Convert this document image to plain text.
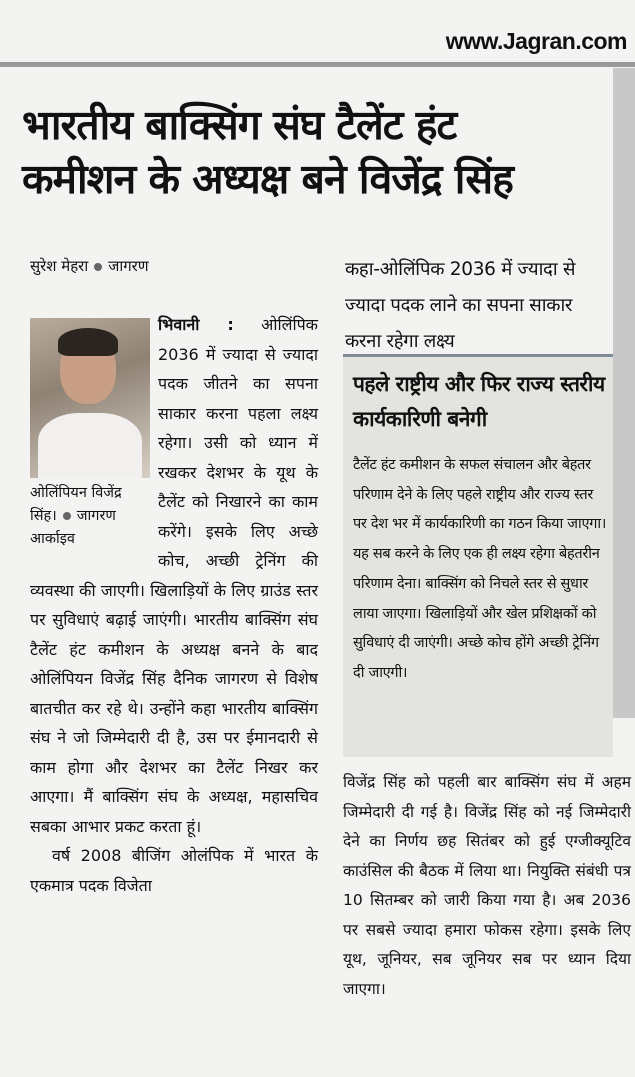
www.Jagran.com
भारतीय बाक्सिंग संघ टैलेंट हंट
कमीशन के अध्यक्ष बने विजेंद्र सिंह
सुरेश मेहरा जागरण

भिवानी :
ओलिंपियन विजेंद्र सिंह। जागरण आर्काइव
ओलिंपिक 2036 में ज्यादा से ज्यादा पदक जीतने का सपना साकार करना पहला लक्ष्य रहेगा। उसी को ध्यान में रखकर देशभर के यूथ के टैलेंट को निखारने का काम करेंगे। इसके लिए अच्छे कोच, अच्छी ट्रेनिंग की व्यवस्था की जाएगी। खिलाड़ियों के लिए ग्राउंड स्तर पर सुविधाएं बढ़ाई जाएंगी। भारतीय बाक्सिंग संघ टैलेंट हंट कमीशन के अध्यक्ष बनने के बाद ओलिंपियन विजेंद्र सिंह दैनिक जागरण से विशेष बातचीत कर रहे थे। उन्होंने कहा भारतीय बाक्सिंग संघ ने जो जिम्मेदारी दी है, उस पर ईमानदारी से काम होगा और देशभर का टैलेंट निखर कर आएगा। मैं बाक्सिंग संघ के अध्यक्ष, महासचिव सबका आभार प्रकट करता हूं।

वर्ष 2008 बीजिंग ओलंपिक में भारत के एकमात्र पदक विजेता

कहा-ओलिंपिक 2036 में ज्यादा से ज्यादा पदक लाने का सपना साकार करना रहेगा लक्ष्य
पहले राष्ट्रीय और फिर राज्य स्तरीय कार्यकारिणी बनेगी
टैलेंट हंट कमीशन के सफल संचालन और बेहतर परिणाम देने के लिए पहले राष्ट्रीय और राज्य स्तर पर देश भर में कार्यकारिणी का गठन किया जाएगा। यह सब करने के लिए एक ही लक्ष्य रहेगा बेहतरीन परिणाम देना। बाक्सिंग को निचले स्तर से सुधार लाया जाएगा। खिलाड़ियों और खेल प्रशिक्षकों को सुविधाएं दी जाएंगी। अच्छे कोच होंगे अच्छी ट्रेनिंग दी जाएगी।
विजेंद्र सिंह को पहली बार बाक्सिंग संघ में अहम जिम्मेदारी दी गई है। विजेंद्र सिंह को नई जिम्मेदारी देने का निर्णय छह सितंबर को हुई एग्जीक्यूटिव काउंसिल की बैठक में लिया था। नियुक्ति संबंधी पत्र 10 सितम्बर को जारी किया गया है। अब 2036 पर सबसे ज्यादा हमारा फोकस रहेगा। इसके लिए यूथ, जूनियर, सब जूनियर सब पर ध्यान दिया जाएगा।
